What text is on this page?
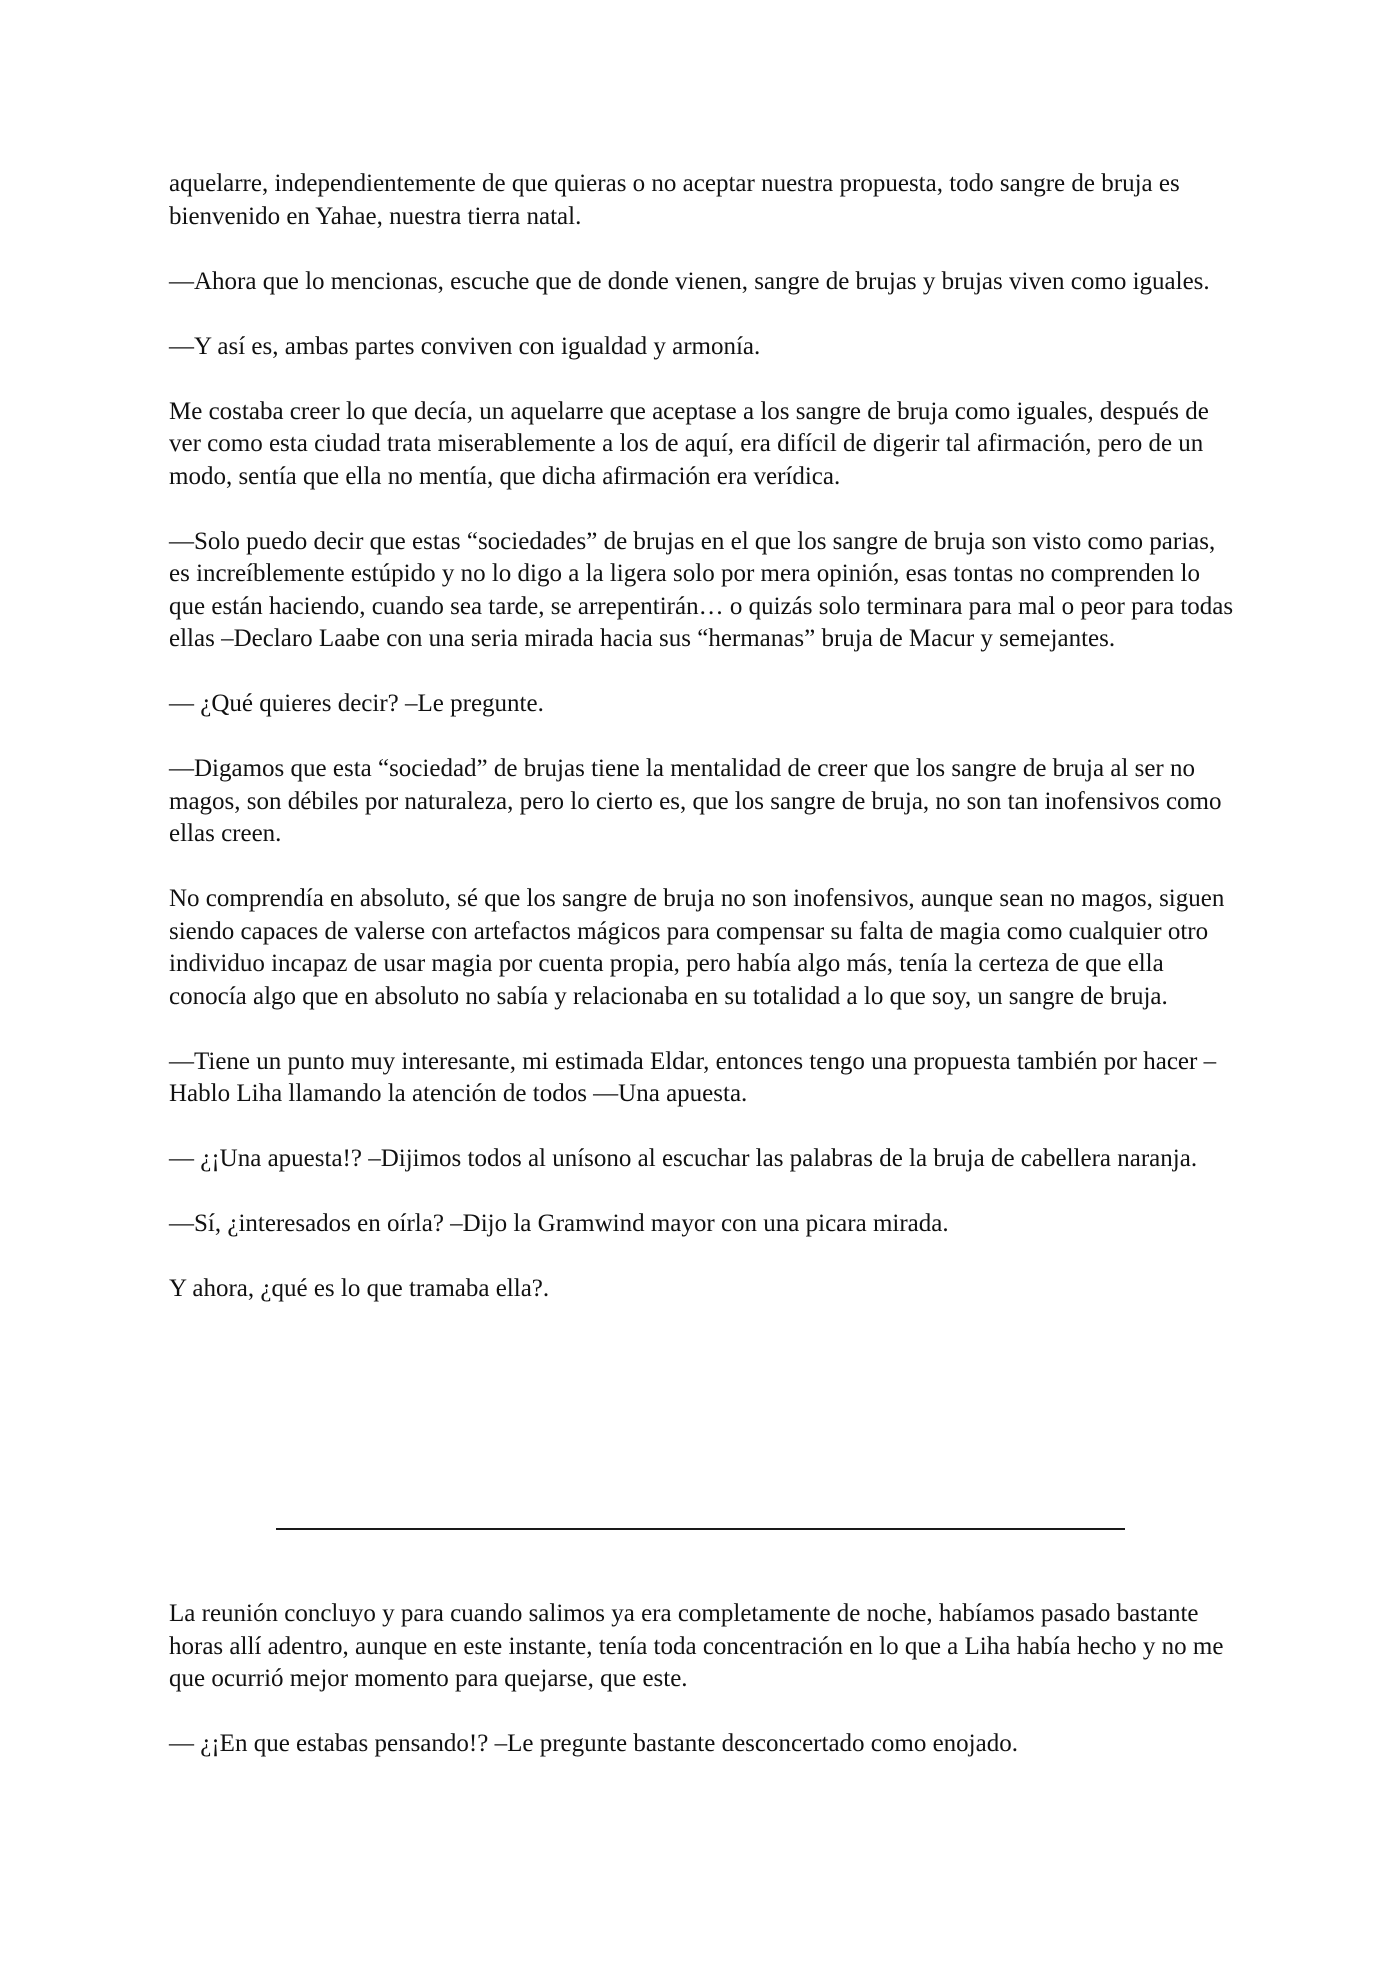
aquelarre, independientemente de que quieras o no aceptar nuestra propuesta, todo sangre de bruja es bienvenido en Yahae, nuestra tierra natal.

—Ahora que lo mencionas, escuche que de donde vienen, sangre de brujas y brujas viven como iguales.

—Y así es, ambas partes conviven con igualdad y armonía.

Me costaba creer lo que decía, un aquelarre que aceptase a los sangre de bruja como iguales, después de ver como esta ciudad trata miserablemente a los de aquí, era difícil de digerir tal afirmación, pero de un modo, sentía que ella no mentía, que dicha afirmación era verídica.

—Solo puedo decir que estas “sociedades” de brujas en el que los sangre de bruja son visto como parias, es increíblemente estúpido y no lo digo a la ligera solo por mera opinión, esas tontas no comprenden lo que están haciendo, cuando sea tarde, se arrepentirán… o quizás solo terminara para mal o peor para todas ellas –Declaro Laabe con una seria mirada hacia sus “hermanas” bruja de Macur y semejantes.

— ¿Qué quieres decir? –Le pregunte.

—Digamos que esta “sociedad” de brujas tiene la mentalidad de creer que los sangre de bruja al ser no magos, son débiles por naturaleza, pero lo cierto es, que los sangre de bruja, no son tan inofensivos como ellas creen.

No comprendía en absoluto, sé que los sangre de bruja no son inofensivos, aunque sean no magos, siguen siendo capaces de valerse con artefactos mágicos para compensar su falta de magia como cualquier otro individuo incapaz de usar magia por cuenta propia, pero había algo más, tenía la certeza de que ella conocía algo que en absoluto no sabía y relacionaba en su totalidad a lo que soy, un sangre de bruja.

—Tiene un punto muy interesante, mi estimada Eldar, entonces tengo una propuesta también por hacer –Hablo Liha llamando la atención de todos —Una apuesta.

— ¿¡Una apuesta!? –Dijimos todos al unísono al escuchar las palabras de la bruja de cabellera naranja.

—Sí, ¿interesados en oírla? –Dijo la Gramwind mayor con una picara mirada.

Y ahora, ¿qué es lo que tramaba ella?.

La reunión concluyo y para cuando salimos ya era completamente de noche, habíamos pasado bastante horas allí adentro, aunque en este instante, tenía toda concentración en lo que a Liha había hecho y no me que ocurrió mejor momento para quejarse, que este.

— ¿¡En que estabas pensando!? –Le pregunte bastante desconcertado como enojado.
